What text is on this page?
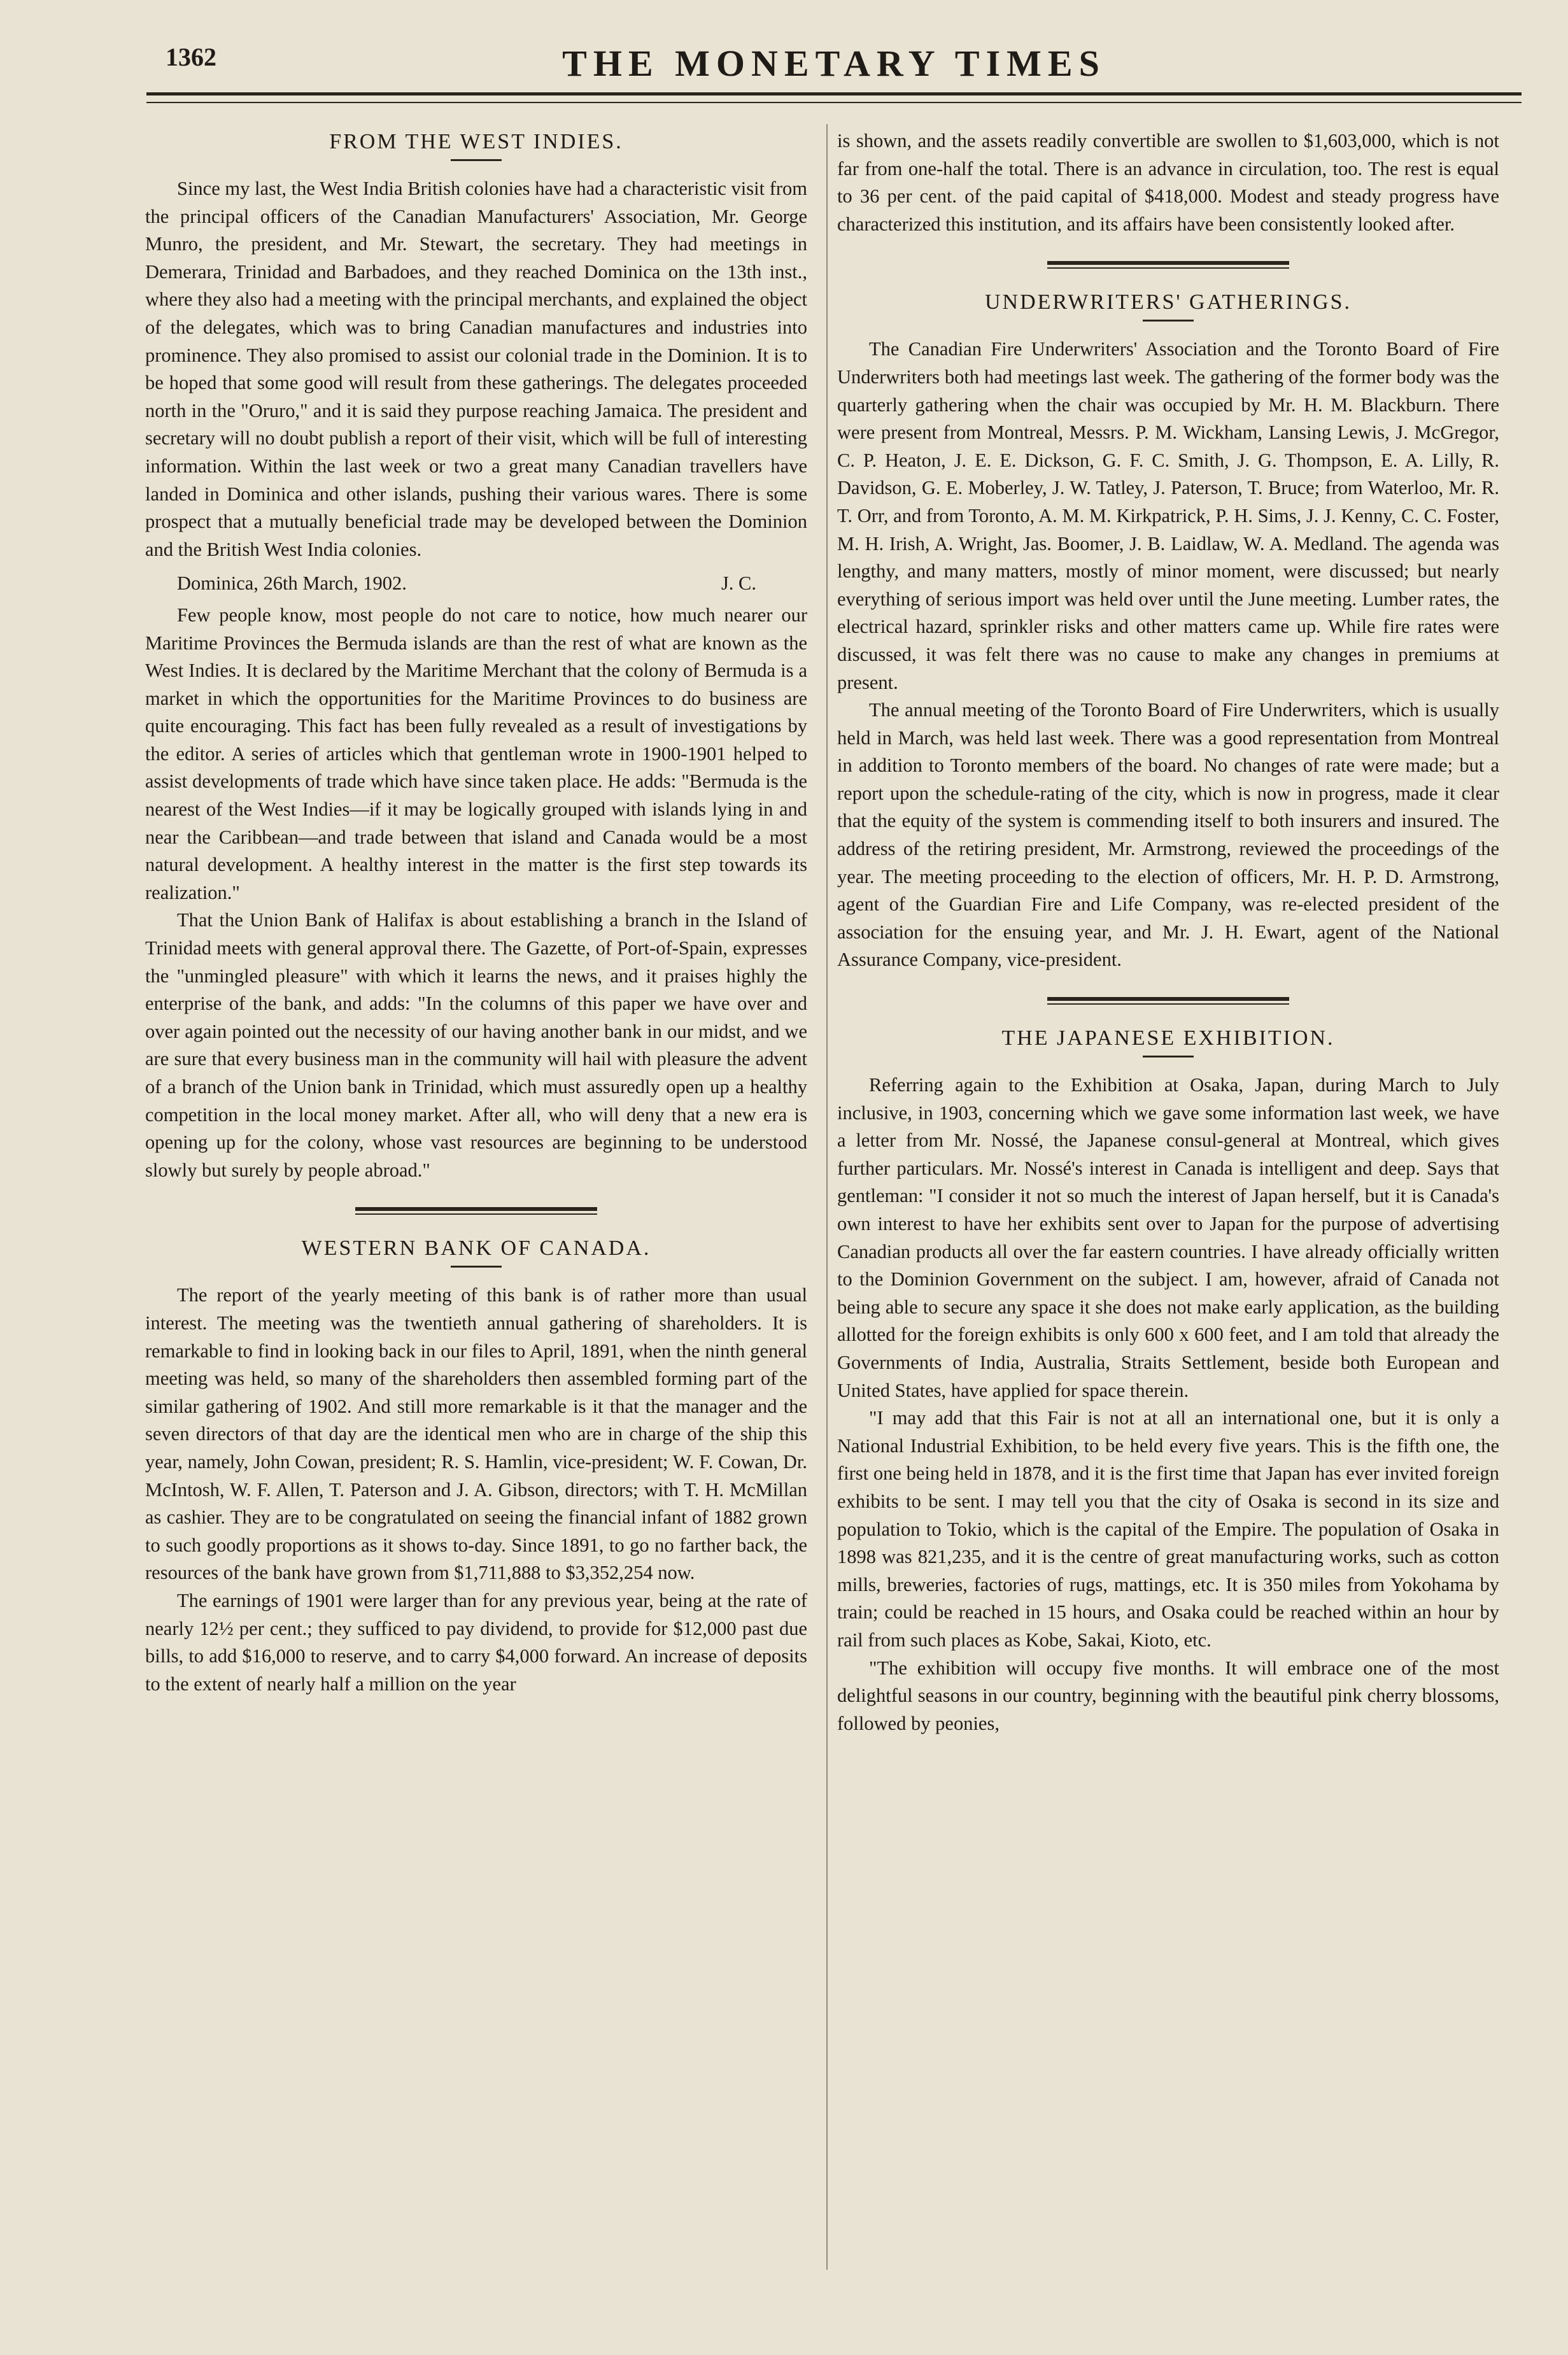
1362	THE MONETARY TIMES
FROM THE WEST INDIES.

Since my last, the West India British colonies have had a characteristic visit from the principal officers of the Canadian Manufacturers' Association, Mr. George Munro, the president, and Mr. Stewart, the secretary. They had meetings in Demerara, Trinidad and Barbadoes, and they reached Dominica on the 13th inst., where they also had a meeting with the principal merchants, and explained the object of the delegates, which was to bring Canadian manufactures and industries into prominence. They also promised to assist our colonial trade in the Dominion. It is to be hoped that some good will result from these gatherings. The delegates proceeded north in the "Oruro," and it is said they purpose reaching Jamaica. The president and secretary will no doubt publish a report of their visit, which will be full of interesting information. Within the last week or two a great many Canadian travellers have landed in Dominica and other islands, pushing their various wares. There is some prospect that a mutually beneficial trade may be developed between the Dominion and the British West India colonies.

Dominica, 26th March, 1902.	J. C.

Few people know, most people do not care to notice, how much nearer our Maritime Provinces the Bermuda islands are than the rest of what are known as the West Indies. It is declared by the Maritime Merchant that the colony of Bermuda is a market in which the opportunities for the Maritime Provinces to do business are quite encouraging. This fact has been fully revealed as a result of investigations by the editor. A series of articles which that gentleman wrote in 1900-1901 helped to assist developments of trade which have since taken place. He adds: "Bermuda is the nearest of the West Indies—if it may be logically grouped with islands lying in and near the Caribbean—and trade between that island and Canada would be a most natural development. A healthy interest in the matter is the first step towards its realization."

That the Union Bank of Halifax is about establishing a branch in the Island of Trinidad meets with general approval there. The Gazette, of Port-of-Spain, expresses the "unmingled pleasure" with which it learns the news, and it praises highly the enterprise of the bank, and adds: "In the columns of this paper we have over and over again pointed out the necessity of our having another bank in our midst, and we are sure that every business man in the community will hail with pleasure the advent of a branch of the Union bank in Trinidad, which must assuredly open up a healthy competition in the local money market. After all, who will deny that a new era is opening up for the colony, whose vast resources are beginning to be understood slowly but surely by people abroad."

WESTERN BANK OF CANADA.

The report of the yearly meeting of this bank is of rather more than usual interest. The meeting was the twentieth annual gathering of shareholders. It is remarkable to find in looking back in our files to April, 1891, when the ninth general meeting was held, so many of the shareholders then assembled forming part of the similar gathering of 1902. And still more remarkable is it that the manager and the seven directors of that day are the identical men who are in charge of the ship this year, namely, John Cowan, president; R. S. Hamlin, vice-president; W. F. Cowan, Dr. McIntosh, W. F. Allen, T. Paterson and J. A. Gibson, directors; with T. H. McMillan as cashier. They are to be congratulated on seeing the financial infant of 1882 grown to such goodly proportions as it shows to-day. Since 1891, to go no farther back, the resources of the bank have grown from $1,711,888 to $3,352,254 now.

The earnings of 1901 were larger than for any previous year, being at the rate of nearly 12½ per cent.; they sufficed to pay dividend, to provide for $12,000 past due bills, to add $16,000 to reserve, and to carry $4,000 forward. An increase of deposits to the extent of nearly half a million on the year

is shown, and the assets readily convertible are swollen to $1,603,000, which is not far from one-half the total. There is an advance in circulation, too. The rest is equal to 36 per cent. of the paid capital of $418,000. Modest and steady progress have characterized this institution, and its affairs have been consistently looked after.

UNDERWRITERS' GATHERINGS.

The Canadian Fire Underwriters' Association and the Toronto Board of Fire Underwriters both had meetings last week. The gathering of the former body was the quarterly gathering when the chair was occupied by Mr. H. M. Blackburn. There were present from Montreal, Messrs. P. M. Wickham, Lansing Lewis, J. McGregor, C. P. Heaton, J. E. E. Dickson, G. F. C. Smith, J. G. Thompson, E. A. Lilly, R. Davidson, G. E. Moberley, J. W. Tatley, J. Paterson, T. Bruce; from Waterloo, Mr. R. T. Orr, and from Toronto, A. M. M. Kirkpatrick, P. H. Sims, J. J. Kenny, C. C. Foster, M. H. Irish, A. Wright, Jas. Boomer, J. B. Laidlaw, W. A. Medland. The agenda was lengthy, and many matters, mostly of minor moment, were discussed; but nearly everything of serious import was held over until the June meeting. Lumber rates, the electrical hazard, sprinkler risks and other matters came up. While fire rates were discussed, it was felt there was no cause to make any changes in premiums at present.

The annual meeting of the Toronto Board of Fire Underwriters, which is usually held in March, was held last week. There was a good representation from Montreal in addition to Toronto members of the board. No changes of rate were made; but a report upon the schedule-rating of the city, which is now in progress, made it clear that the equity of the system is commending itself to both insurers and insured. The address of the retiring president, Mr. Armstrong, reviewed the proceedings of the year. The meeting proceeding to the election of officers, Mr. H. P. D. Armstrong, agent of the Guardian Fire and Life Company, was re-elected president of the association for the ensuing year, and Mr. J. H. Ewart, agent of the National Assurance Company, vice-president.

THE JAPANESE EXHIBITION.

Referring again to the Exhibition at Osaka, Japan, during March to July inclusive, in 1903, concerning which we gave some information last week, we have a letter from Mr. Nossé, the Japanese consul-general at Montreal, which gives further particulars. Mr. Nossé's interest in Canada is intelligent and deep. Says that gentleman: "I consider it not so much the interest of Japan herself, but it is Canada's own interest to have her exhibits sent over to Japan for the purpose of advertising Canadian products all over the far eastern countries. I have already officially written to the Dominion Government on the subject. I am, however, afraid of Canada not being able to secure any space it she does not make early application, as the building allotted for the foreign exhibits is only 600 x 600 feet, and I am told that already the Governments of India, Australia, Straits Settlement, beside both European and United States, have applied for space therein.

"I may add that this Fair is not at all an international one, but it is only a National Industrial Exhibition, to be held every five years. This is the fifth one, the first one being held in 1878, and it is the first time that Japan has ever invited foreign exhibits to be sent. I may tell you that the city of Osaka is second in its size and population to Tokio, which is the capital of the Empire. The population of Osaka in 1898 was 821,235, and it is the centre of great manufacturing works, such as cotton mills, breweries, factories of rugs, mattings, etc. It is 350 miles from Yokohama by train; could be reached in 15 hours, and Osaka could be reached within an hour by rail from such places as Kobe, Sakai, Kioto, etc.

"The exhibition will occupy five months. It will embrace one of the most delightful seasons in our country, beginning with the beautiful pink cherry blossoms, followed by peonies,
